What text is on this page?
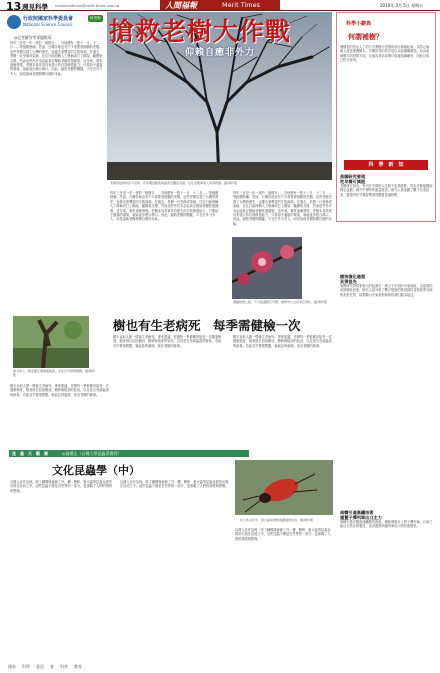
13 週見科學 newsmeritimes@merit-times.com.tw	人間福報	Merit Times	2010年 3月 5日 星期五
行政院國家科學委員會
National Science Council
科普館
◎記者羅智孝專題報導
每年三月是一年一度的「植樹月」，各地總有一股十一月、十二月……等植樹熱潮。然而，台灣各地也有不少需要被照顧的老樹。這些老樹見證了台灣的歷史，也蘊含著豐富的生態資源。在過去，老樹一旦受傷或染病，往往只能倚賴人工修補或打上鋼架、鐵圈來支撐，然而這些作法未必能真正幫助老樹恢復健康。近年來，專家逐漸發現，老樹本身其實具有強大的自我修復能力，只要給予適當的環境，就能逐步癒合傷口。因此，搶救老樹的關鍵，不在於外力介入，而是協助老樹發揮自癒的本能。
每年三月是一年一度的「植樹月」，各地總有一股十一月、十二月……等植樹熱潮。然而，台灣各地也有不少需要被照顧的老樹。這些老樹見證了台灣的歷史，也蘊含著豐富的生態資源。在過去，老樹一旦受傷或染病，往往只能倚賴人工修補或打上鋼架、鐵圈來支撐，然而這些作法未必能真正幫助老樹恢復健康。近年來，專家逐漸發現，老樹本身其實具有強大的自我修復能力，只要給予適當的環境，就能逐步癒合傷口。因此，搶救老樹的關鍵，不在於外力介入，而是協助老樹發揮自癒的本能。
每年三月是一年一度的「植樹月」，各地總有一股十一月、十二月……等植樹熱潮。然而，台灣各地也有不少需要被照顧的老樹。這些老樹見證了台灣的歷史，也蘊含著豐富的生態資源。在過去，老樹一旦受傷或染病，往往只能倚賴人工修補或打上鋼架、鐵圈來支撐，然而這些作法未必能真正幫助老樹恢復健康。近年來，專家逐漸發現，老樹本身其實具有強大的自我修復能力，只要給予適當的環境，就能逐步癒合傷口。因此，搶救老樹的關鍵，不在於外力介入，而是協助老樹發揮自癒的本能。
搶救老樹大作戰
仰賴自癒非外力
老樹的枝幹向四方延伸，若是遇到颱風或蟲害侵襲而受損，往往需要專業人員的救護。圖/資料照
科學小辭典
何謂補樹？
補樹指的是以人工的方式將樹木受損的部位填補起來，以防止病菌入侵並保護樹木。早期常見的作法是以水泥填補樹洞，但水泥與樹木的材質不同，反而容易造成傷口周邊組織壞死，因此目前已較少採用。
科　學　新　知
美國研究發現
吃早餐可減肥
美國研究指出，每天吃早餐的人比較不容易肥胖，因為早餐能幫助穩定血糖，減少午餐時的過量進食。研究人員追蹤了數千名受試者，發現有吃早餐習慣者的體重普遍較輕。
瘦狗演化過程
灰狼祖先
美國研究發現家狗大約起源於一萬五千年前的中東地區，由當地的灰狼馴化而來，研究人員分析了數百隻狗的基因資料並與世界各地的灰狼比對，結果顯示中東灰狼與狗的基因最為接近。
南韓引進高鐵技術
建置子彈列車出口主力
南韓引進法國高速鐵路技術後，積極發展本土的子彈列車，目前已能自行設計與製造，並計畫將高鐵列車出口到其他國家。
遭蟲蛀壞之後，不只枝頭無花可開，樹幹中心也容易空洞化。圖/資料照
樹也有生老病死　每季需健檢一次
樹木和人一樣需要定期健康檢查，才能及早發現問題。圖/資料照
樹木也和人類一樣會生老病死。專家建議，老樹每一季都應該接受一次健康檢查，檢查項目包括樹冠、樹幹與根部的狀況，以及是否有病蟲害的跡象。若能及早發現問題，就能及時處理，延長老樹的壽命。
樹木也和人類一樣會生老病死。專家建議，老樹每一季都應該接受一次健康檢查，檢查項目包括樹冠、樹幹與根部的狀況，以及是否有病蟲害的跡象。若能及早發現問題，就能及時處理，延長老樹的壽命。
樹木也和人類一樣會生老病死。專家建議，老樹每一季都應該接受一次健康檢查，檢查項目包括樹冠、樹幹與根部的狀況，以及是否有病蟲害的跡象。若能及早發現問題，就能及時處理，延長老樹的壽命。
昆　蟲　大　觀　園	◎施禮正（台灣大學昆蟲系教授）
文化昆蟲學（中）
在日本文化中，螢火蟲常被視為靈魂的化身。圖/資料照
以漢人詩作為例，除了蝴蝶與蜜蜂之外，蟬、蟋蟀、螢火蟲等昆蟲也經常出現在詩詞之中。這些昆蟲不僅是自然界的一部分，更承載了人們的情感與想像。
以漢人詩作為例，除了蝴蝶與蜜蜂之外，蟬、蟋蟀、螢火蟲等昆蟲也經常出現在詩詞之中。這些昆蟲不僅是自然界的一部分，更承載了人們的情感與想像。
以漢人詩作為例，除了蝴蝶與蜜蜂之外，蟬、蟋蟀、螢火蟲等昆蟲也經常出現在詩詞之中。這些昆蟲不僅是自然界的一部分，更承載了人們的情感與想像。
國家 科學 委員 會 科普 教育
